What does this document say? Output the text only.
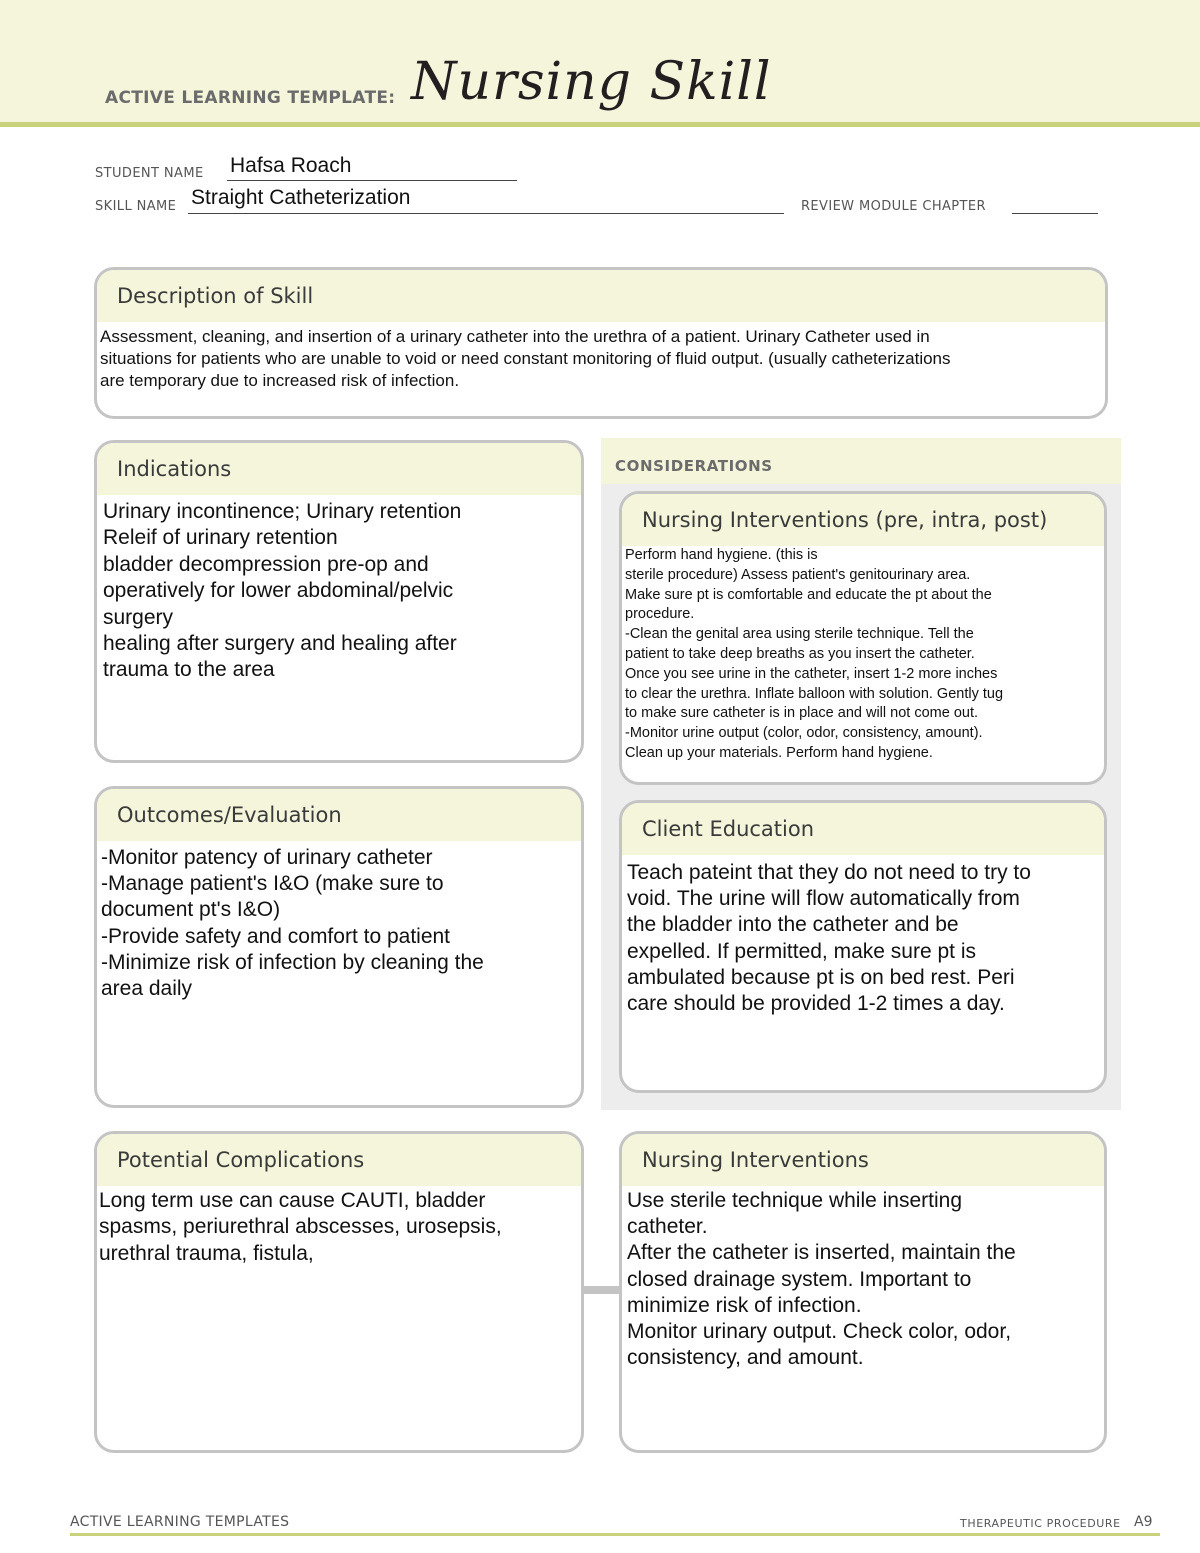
ACTIVE LEARNING TEMPLATE: Nursing Skill
STUDENT NAME Hafsa Roach
SKILL NAME Straight Catheterization	REVIEW MODULE CHAPTER
Description of Skill
Assessment, cleaning, and insertion of a urinary catheter into the urethra of a patient. Urinary Catheter used in
situations for patients who are unable to void or need constant monitoring of fluid output. (usually catheterizations
are temporary due to increased risk of infection.
Indications
Urinary incontinence; Urinary retention
Releif of urinary retention
bladder decompression pre-op and
operatively for lower abdominal/pelvic
surgery
healing after surgery and healing after
trauma to the area
Outcomes/Evaluation
-Monitor patency of urinary catheter
-Manage patient's I&O (make sure to
document pt's I&O)
-Provide safety and comfort to patient
-Minimize risk of infection by cleaning the
area daily
CONSIDERATIONS
Nursing Interventions (pre, intra, post)
Perform hand hygiene. (this is
sterile procedure) Assess patient's genitourinary area.
Make sure pt is comfortable and educate the pt about the
procedure.
-Clean the genital area using sterile technique. Tell the
patient to take deep breaths as you insert the catheter.
Once you see urine in the catheter, insert 1-2 more inches
to clear the urethra. Inflate balloon with solution. Gently tug
to make sure catheter is in place and will not come out.
-Monitor urine output (color, odor, consistency, amount).
Clean up your materials. Perform hand hygiene.
Client Education
Teach pateint that they do not need to try to
void. The urine will flow automatically from
the bladder into the catheter and be
expelled. If permitted, make sure pt is
ambulated because pt is on bed rest. Peri
care should be provided 1-2 times a day.
Potential Complications
Long term use can cause CAUTI, bladder
spasms, periurethral abscesses, urosepsis,
urethral trauma, fistula,
Nursing Interventions
Use sterile technique while inserting
catheter.
After the catheter is inserted, maintain the
closed drainage system. Important to
minimize risk of infection.
Monitor urinary output. Check color, odor,
consistency, and amount.
ACTIVE LEARNING TEMPLATES	THERAPEUTIC PROCEDURE A9
